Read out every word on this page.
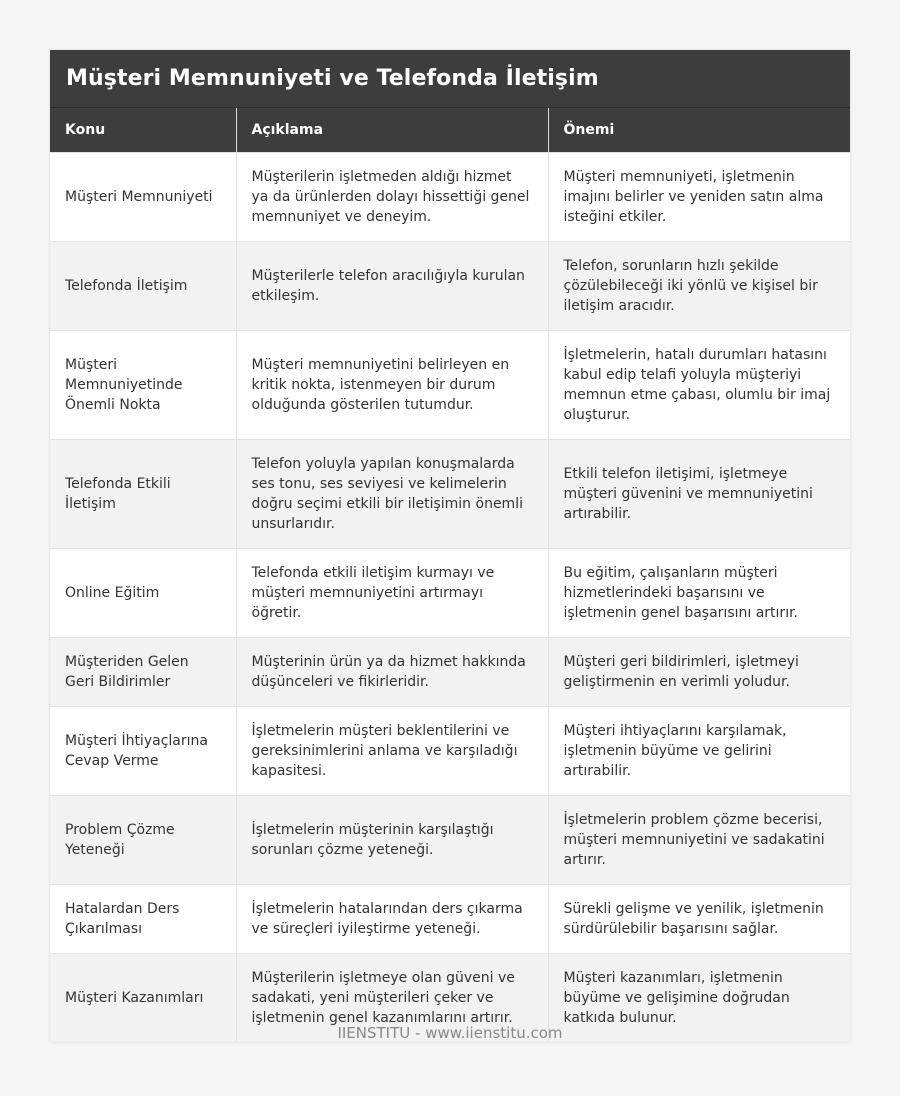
Müşteri Memnuniyeti ve Telefonda İletişim
Konu	Açıklama	Önemi
Müşteri Memnuniyeti	Müşterilerin işletmeden aldığı hizmet ya da ürünlerden dolayı hissettiği genel memnuniyet ve deneyim.	Müşteri memnuniyeti, işletmenin imajını belirler ve yeniden satın alma isteğini etkiler.
Telefonda İletişim	Müşterilerle telefon aracılığıyla kurulan etkileşim.	Telefon, sorunların hızlı şekilde çözülebileceği iki yönlü ve kişisel bir iletişim aracıdır.
Müşteri Memnuniyetinde Önemli Nokta	Müşteri memnuniyetini belirleyen en kritik nokta, istenmeyen bir durum olduğunda gösterilen tutumdur.	İşletmelerin, hatalı durumları hatasını kabul edip telafi yoluyla müşteriyi memnun etme çabası, olumlu bir imaj oluşturur.
Telefonda Etkili İletişim	Telefon yoluyla yapılan konuşmalarda ses tonu, ses seviyesi ve kelimelerin doğru seçimi etkili bir iletişimin önemli unsurlarıdır.	Etkili telefon iletişimi, işletmeye müşteri güvenini ve memnuniyetini artırabilir.
Online Eğitim	Telefonda etkili iletişim kurmayı ve müşteri memnuniyetini artırmayı öğretir.	Bu eğitim, çalışanların müşteri hizmetlerindeki başarısını ve işletmenin genel başarısını artırır.
Müşteriden Gelen Geri Bildirimler	Müşterinin ürün ya da hizmet hakkında düşünceleri ve fikirleridir.	Müşteri geri bildirimleri, işletmeyi geliştirmenin en verimli yoludur.
Müşteri İhtiyaçlarına Cevap Verme	İşletmelerin müşteri beklentilerini ve gereksinimlerini anlama ve karşıladığı kapasitesi.	Müşteri ihtiyaçlarını karşılamak, işletmenin büyüme ve gelirini artırabilir.
Problem Çözme Yeteneği	İşletmelerin müşterinin karşılaştığı sorunları çözme yeteneği.	İşletmelerin problem çözme becerisi, müşteri memnuniyetini ve sadakatini artırır.
Hatalardan Ders Çıkarılması	İşletmelerin hatalarından ders çıkarma ve süreçleri iyileştirme yeteneği.	Sürekli gelişme ve yenilik, işletmenin sürdürülebilir başarısını sağlar.
Müşteri Kazanımları	Müşterilerin işletmeye olan güveni ve sadakati, yeni müşterileri çeker ve işletmenin genel kazanımlarını artırır.	Müşteri kazanımları, işletmenin büyüme ve gelişimine doğrudan katkıda bulunur.
IIENSTITU - www.iienstitu.com
